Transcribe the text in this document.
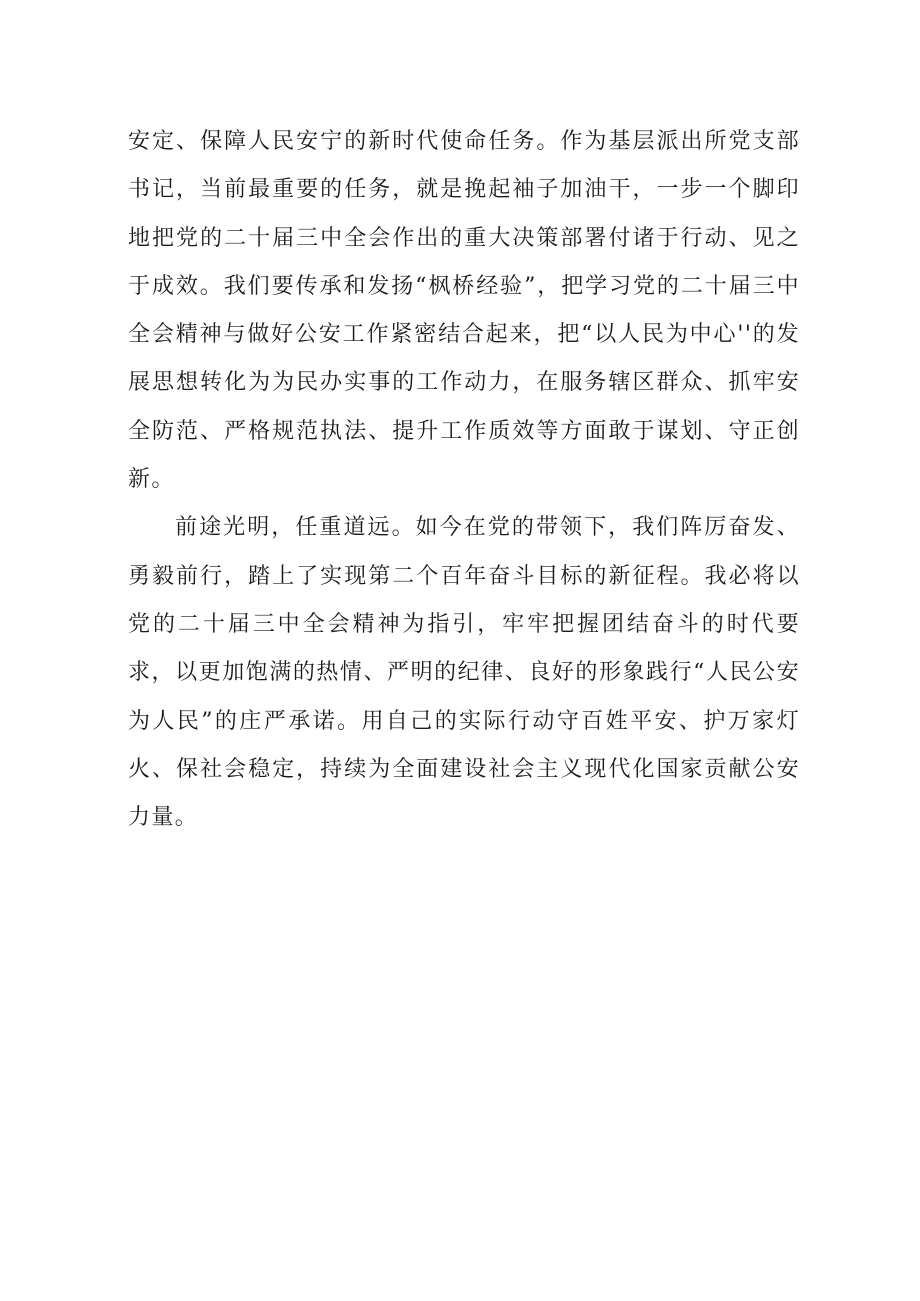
安定、保障人民安宁的新时代使命任务。作为基层派出所党支部书记，当前最重要的任务，就是挽起袖子加油干，一步一个脚印地把党的二十届三中全会作出的重大决策部署付诸于行动、见之于成效。我们要传承和发扬“枫桥经验”，把学习党的二十届三中全会精神与做好公安工作紧密结合起来，把“以人民为中心''的发展思想转化为为民办实事的工作动力，在服务辖区群众、抓牢安全防范、严格规范执法、提升工作质效等方面敢于谋划、守正创新。

前途光明，任重道远。如今在党的带领下，我们阵厉奋发、勇毅前行，踏上了实现第二个百年奋斗目标的新征程。我必将以党的二十届三中全会精神为指引，牢牢把握团结奋斗的时代要求，以更加饱满的热情、严明的纪律、良好的形象践行“人民公安为人民”的庄严承诺。用自己的实际行动守百姓平安、护万家灯火、保社会稳定，持续为全面建设社会主义现代化国家贡献公安力量。
